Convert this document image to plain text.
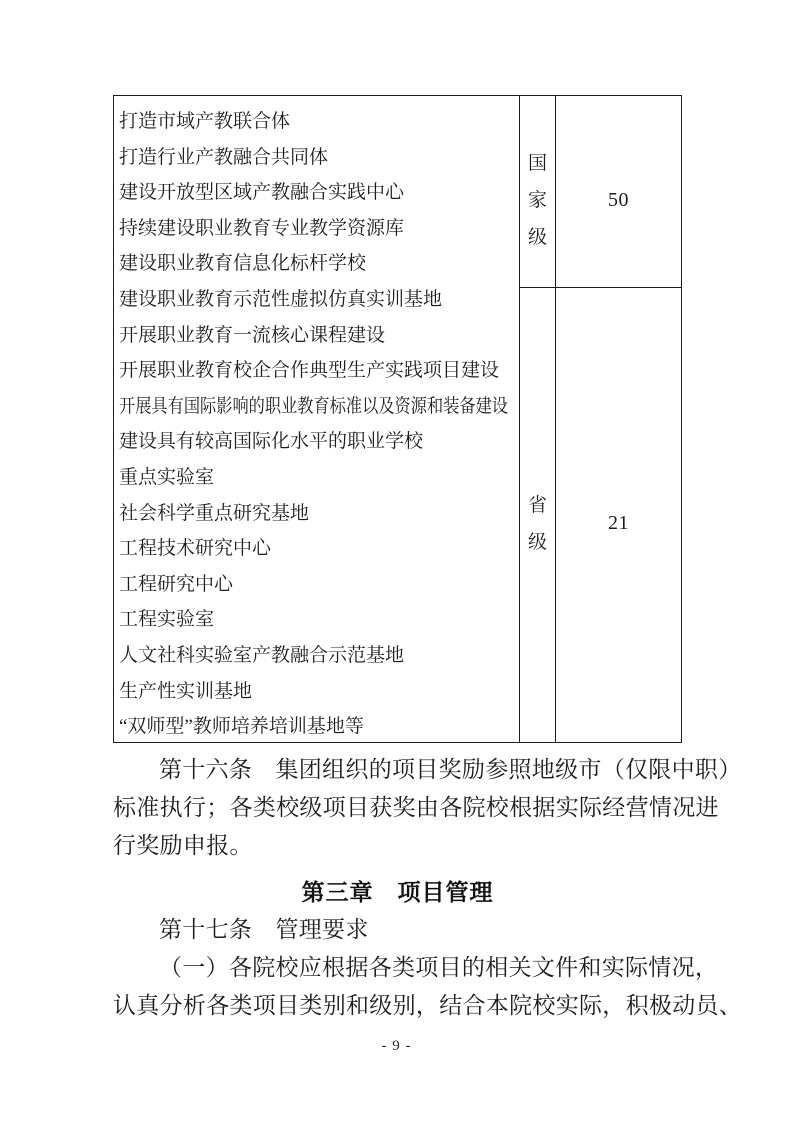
打造市域产教联合体
打造行业产教融合共同体
建设开放型区域产教融合实践中心
持续建设职业教育专业教学资源库
建设职业教育信息化标杆学校
建设职业教育示范性虚拟仿真实训基地
开展职业教育一流核心课程建设
开展职业教育校企合作典型生产实践项目建设
开展具有国际影响的职业教育标准以及资源和装备建设
建设具有较高国际化水平的职业学校
重点实验室
社会科学重点研究基地
工程技术研究中心
工程研究中心
工程实验室
人文社科实验室产教融合示范基地
生产性实训基地
“双师型”教师培养培训基地等
国家级
50
省级
21
第十六条　集团组织的项目奖励参照地级市（仅限中职）
标准执行；各类校级项目获奖由各院校根据实际经营情况进
行奖励申报。
第三章　项目管理
第十七条　管理要求
（一）各院校应根据各类项目的相关文件和实际情况，
认真分析各类项目类别和级别，结合本院校实际，积极动员、
- 9 -
